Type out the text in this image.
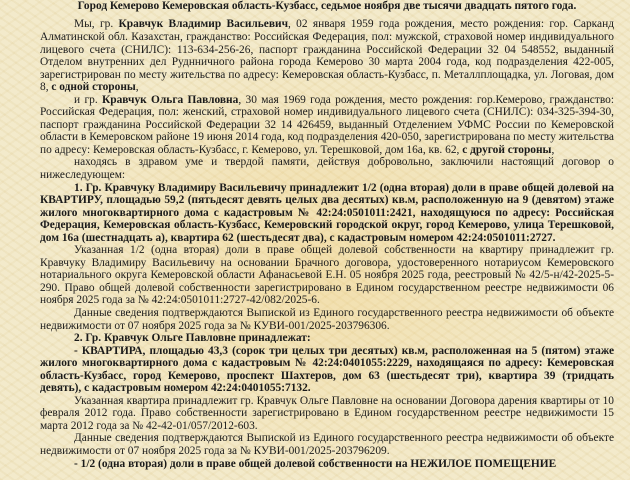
Город Кемерово Кемеровская область-Кузбасс, седьмое ноября две тысячи двадцать пятого года.

Мы, гр. Кравчук Владимир Васильевич, 02 января 1959 года рождения, место рождения: гор. Сарканд Алматинской обл. Казахстан, гражданство: Российская Федерация, пол: мужской, страховой номер индивидуального лицевого счета (СНИЛС): 113-634-256-26, паспорт гражданина Российской Федерации 32 04 548552, выданный Отделом внутренних дел Руднничного района города Кемерово 30 марта 2004 года, код подразделения 422-005, зарегистрирован по месту жительства по адресу: Кемеровская область-Кузбасс, п. Металлплощадка, ул. Логовая, дом 8, с одной стороны,

и гр. Кравчук Ольга Павловна, 30 мая 1969 года рождения, место рождения: гор.Кемерово, гражданство: Российская Федерация, пол: женский, страховой номер индивидуального лицевого счета (СНИЛС): 034-325-394-30, паспорт гражданина Российской Федерации 32 14 426459, выданный Отделением УФМС России по Кемеровской области в Кемеровском районе 19 июня 2014 года, код подразделения 420-050, зарегистрирована по месту жительства по адресу: Кемеровская область-Кузбасс, г. Кемерово, ул. Терешковой, дом 16а, кв. 62, с другой стороны,

находясь в здравом уме и твердой памяти, действуя добровольно, заключили настоящий договор о нижеследующем:

1. Гр. Кравчуку Владимиру Васильевичу принадлежит 1/2 (одна вторая) доли в праве общей долевой на КВАРТИРУ, площадью 59,2 (пятьдесят девять целых два десятых) кв.м, расположенную на 9 (девятом) этаже жилого многоквартирного дома с кадастровым № 42:24:0501011:2421, находящуюся по адресу: Российская Федерация, Кемеровская область-Кузбасс, Кемеровский городской округ, город Кемерово, улица Терешковой, дом 16а (шестнадцать а), квартира 62 (шестьдесят два), с кадастровым номером 42:24:0501011:2727.

Указанная 1/2 (одна вторая) доли в праве общей долевой собственности на квартиру принадлежит гр. Кравчуку Владимиру Васильевичу на основании Брачного договора, удостоверенного нотариусом Кемеровского нотариального округа Кемеровской области Афанасьевой Е.Н. 05 ноября 2025 года, реестровый № 42/5-н/42-2025-5-290. Право общей долевой собственности зарегистрировано в Едином государственном реестре недвижимости 06 ноября 2025 года за № 42:24:0501011:2727-42/082/2025-6.

Данные сведения подтверждаются Выпиской из Единого государственного реестра недвижимости об объекте недвижимости от 07 ноября 2025 года за № КУВИ-001/2025-203796306.

2. Гр. Кравчук Ольге Павловне принадлежат:

- КВАРТИРА, площадью 43,3 (сорок три целых три десятых) кв.м, расположенная на 5 (пятом) этаже жилого многоквартирного дома с кадастровым № 42:24:0401055:2229, находящаяся по адресу: Кемеровская область-Кузбасс, город Кемерово, проспект Шахтеров, дом 63 (шестьдесят три), квартира 39 (тридцать девять), с кадастровым номером 42:24:0401055:7132.

Указанная квартира принадлежит гр. Кравчук Ольге Павловне на основании Договора дарения квартиры от 10 февраля 2012 года. Право собственности зарегистрировано в Едином государственном реестре недвижимости 15 марта 2012 года за № 42-42-01/057/2012-603.

Данные сведения подтверждаются Выпиской из Единого государственного реестра недвижимости об объекте недвижимости от 07 ноября 2025 года за № КУВИ-001/2025-203796209.

- 1/2 (одна вторая) доли в праве общей долевой собственности на НЕЖИЛОЕ ПОМЕЩЕНИЕ
